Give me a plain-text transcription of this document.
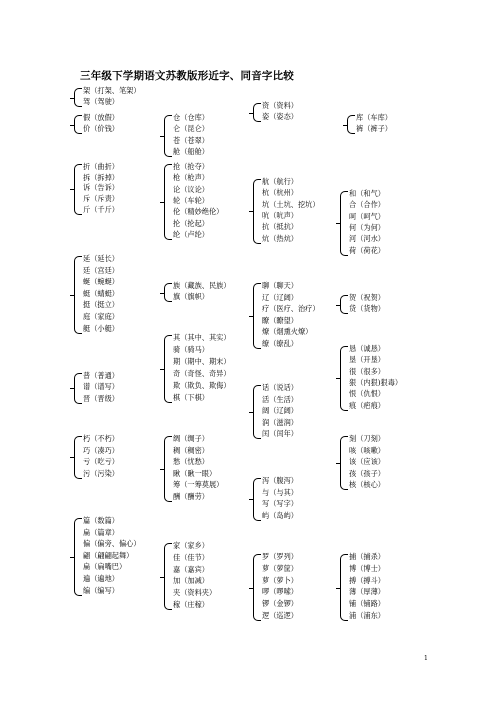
三年级下学期语文苏教版形近字、同音字比较
架（打架、笔架）
驾（驾驶）
假（放假）
价（价钱）
仓（仓库）
仑（昆仑）
苍（苍翠）
舱（船舱）
资（资料）
姿（姿态）	库（车库）
裤（裤子）
折（曲折）
拆（拆掉）
诉（告诉）
斥（斥责）
斤（千斤）
抢（抢夺）
枪（枪声）
论（议论）
轮（车轮）
伦（精妙绝伦）
抡（抡起）
纶（卢纶）
航（航行）
杭（杭州）
坑（土坑、挖坑）
吭（吭声）
抗（抵抗）
炕（热炕）
和（和气）
合（合作）
呵（呵气）
何（为何）
河（河水）
荷（荷花）
延（延长）
廷（宫廷）
蜒（蜿蜒）
蜓（蜻蜓）
挺（挺立）
庭（家庭）
艇（小艇）
族（藏族、民族）
旗（旗帜）
聊（聊天）
辽（辽阔）
疗（医疗、治疗）
瞭（瞭望）
燎（烟熏火燎）
缭（缭乱）
贺（祝贺）
货（货物）
其（其中、其实）
骑（骑马）
期（期中、期末）
奇（奇怪、奇异）
欺（欺负、欺侮）
棋（下棋）
普（普通）
谱（谱写）
晋（晋级）
话（说话）
活（生活）
阔（辽阔）
润（滋润）
闰（闰年）
恳（诚恳）
垦（开垦）
很（很多）
狠（内狠)狠毒）
恨（仇恨）
痕（疤痕）
朽（不朽）
巧（凑巧）
亏（吃亏）
污（污染）
绸（绸子）
稠（稠密）
愁（忧愁）
瞅（瞅一眼）
筹（一筹莫展）
酬（酬劳）
泻（腹泻）
与（与其）
写（写字）
屿（岛屿）
刻（刀刻）
咳（咳嗽）
该（应该）
孩（孩子）
核（核心）
篇（数篇）
扁（篇章）
偏（偏旁、偏心）
翩（翩翩起舞）
扁（扁嘴巴）
遍（遍地）
编（编写）
家（家乡）
佳（佳节）
嘉（嘉宾）
加（加减）
夹（资料夹）
稼（庄稼）
罗（罗列）
萝（萝筐）
萝（萝卜）
啰（啰嗦）
锣（金锣）
逻（巡逻）
捕（捕杀）
博（博士）
搏（搏斗）
薄（厚薄）
铺（铺路）
浦（浦东）
1
